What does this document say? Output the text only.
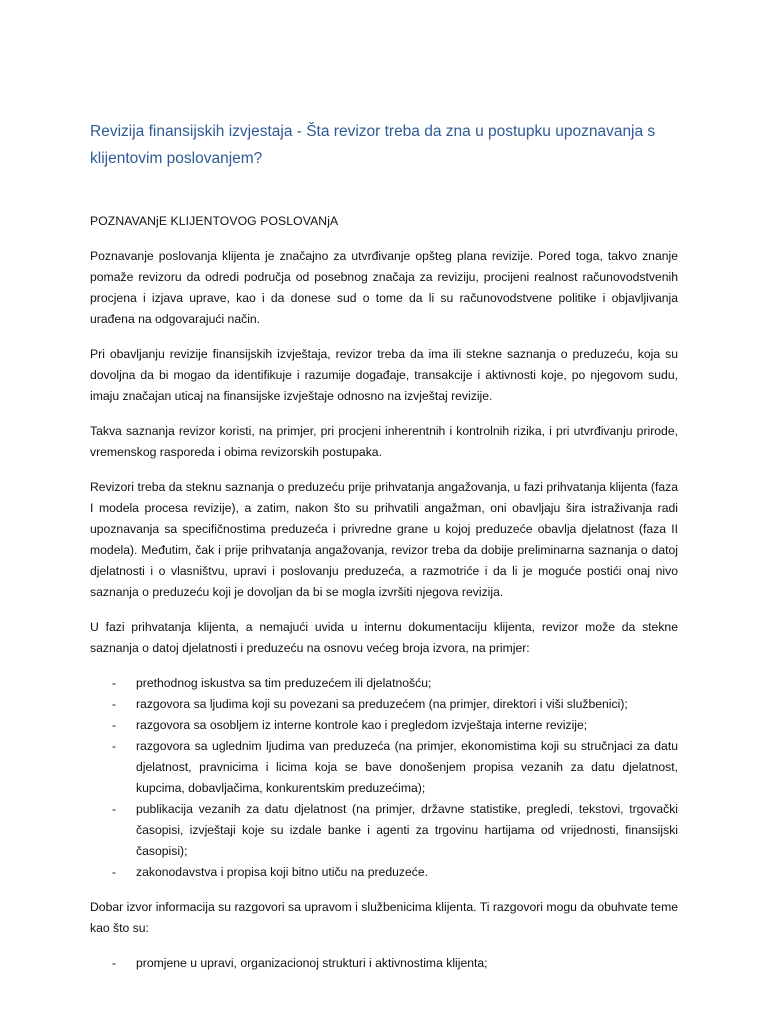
Revizija finansijskih izvjestaja - Šta revizor treba da zna u postupku upoznavanja s klijentovim poslovanjem?
POZNAVANjE KLIJENTOVOG POSLOVANjA

Poznavanje poslovanja klijenta je značajno za utvrđivanje opšteg plana revizije. Pored toga, takvo znanje pomaže revizoru da odredi područja od posebnog značaja za reviziju, procijeni realnost računovodstvenih procjena i izjava uprave, kao i da donese sud o tome da li su računovodstvene politike i objavljivanja urađena na odgovarajući način.

Pri obavljanju revizije finansijskih izvještaja, revizor treba da ima ili stekne saznanja o preduzeću, koja su dovoljna da bi mogao da identifikuje i razumije događaje, transakcije i aktivnosti koje, po njegovom sudu, imaju značajan uticaj na finansijske izvještaje odnosno na izvještaj revizije.

Takva saznanja revizor koristi, na primjer, pri procjeni inherentnih i kontrolnih rizika, i pri utvrđivanju prirode, vremenskog rasporeda i obima revizorskih postupaka.

Revizori treba da steknu saznanja o preduzeću prije prihvatanja angažovanja, u fazi prihvatanja klijenta (faza I modela procesa revizije), a zatim, nakon što su prihvatili angažman, oni obavljaju šira istraživanja radi upoznavanja sa specifičnostima preduzeća i privredne grane u kojoj preduzeće obavlja djelatnost (faza II modela). Međutim, čak i prije prihvatanja angažovanja, revizor treba da dobije preliminarna saznanja o datoj djelatnosti i o vlasništvu, upravi i poslovanju preduzeća, a razmotriće i da li je moguće postići onaj nivo saznanja o preduzeću koji je dovoljan da bi se mogla izvršiti njegova revizija.

U fazi prihvatanja klijenta, a nemajući uvida u internu dokumentaciju klijenta, revizor može da stekne saznanja o datoj djelatnosti i preduzeću na osnovu većeg broja izvora, na primjer:

- prethodnog iskustva sa tim preduzećem ili djelatnošću;
- razgovora sa ljudima koji su povezani sa preduzećem (na primjer, direktori i viši službenici);
- razgovora sa osobljem iz interne kontrole kao i pregledom izvještaja interne revizije;
- razgovora sa uglednim ljudima van preduzeća (na primjer, ekonomistima koji su stručnjaci za datu djelatnost, pravnicima i licima koja se bave donošenjem propisa vezanih za datu djelatnost, kupcima, dobavljačima, konkurentskim preduzećima);
- publikacija vezanih za datu djelatnost (na primjer, državne statistike, pregledi, tekstovi, trgovački časopisi, izvještaji koje su izdale banke i agenti za trgovinu hartijama od vrijednosti, finansijski časopisi);
- zakonodavstva i propisa koji bitno utiču na preduzeće.

Dobar izvor informacija su razgovori sa upravom i službenicima klijenta. Ti razgovori mogu da obuhvate teme kao što su:

- promjene u upravi, organizacionoj strukturi i aktivnostima klijenta;
